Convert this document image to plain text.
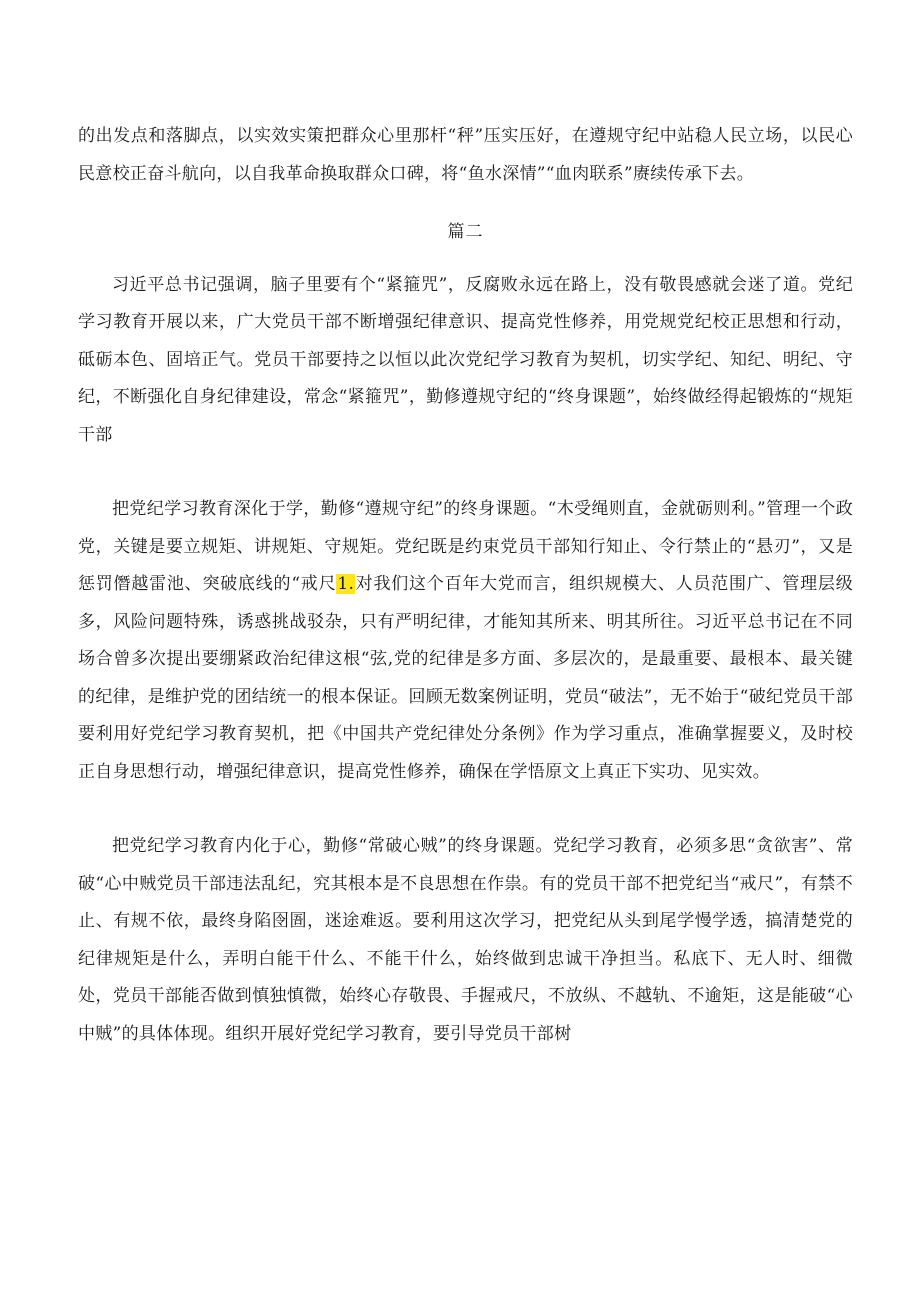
的出发点和落脚点，以实效实策把群众心里那杆“秤”压实压好，在遵规守纪中站稳人民立场，以民心民意校正奋斗航向，以自我革命换取群众口碑，将“鱼水深情”“血肉联系”赓续传承下去。

篇二

习近平总书记强调，脑子里要有个“紧箍咒”，反腐败永远在路上，没有敬畏感就会迷了道。党纪学习教育开展以来，广大党员干部不断增强纪律意识、提高党性修养，用党规党纪校正思想和行动，砥砺本色、固培正气。党员干部要持之以恒以此次党纪学习教育为契机，切实学纪、知纪、明纪、守纪，不断强化自身纪律建设，常念“紧箍咒”，勤修遵规守纪的“终身课题”，始终做经得起锻炼的“规矩干部

把党纪学习教育深化于学，勤修“遵规守纪”的终身课题。“木受绳则直，金就砺则利。”管理一个政党，关键是要立规矩、讲规矩、守规矩。党纪既是约束党员干部知行知止、令行禁止的“悬刃”，又是惩罚僭越雷池、突破底线的“戒尺1.对我们这个百年大党而言，组织规模大、人员范围广、管理层级多，风险问题特殊，诱惑挑战驳杂，只有严明纪律，才能知其所来、明其所往。习近平总书记在不同场合曾多次提出要绷紧政治纪律这根“弦,党的纪律是多方面、多层次的，是最重要、最根本、最关键的纪律，是维护党的团结统一的根本保证。回顾无数案例证明，党员“破法”，无不始于“破纪党员干部要利用好党纪学习教育契机，把《中国共产党纪律处分条例》作为学习重点，准确掌握要义，及时校正自身思想行动，增强纪律意识，提高党性修养，确保在学悟原文上真正下实功、见实效。

把党纪学习教育内化于心，勤修“常破心贼”的终身课题。党纪学习教育，必须多思“贪欲害”、常破“心中贼党员干部违法乱纪，究其根本是不良思想在作祟。有的党员干部不把党纪当“戒尺”，有禁不止、有规不依，最终身陷囹圄，迷途难返。要利用这次学习，把党纪从头到尾学慢学透，搞清楚党的纪律规矩是什么，弄明白能干什么、不能干什么，始终做到忠诚干净担当。私底下、无人时、细微处，党员干部能否做到慎独慎微，始终心存敬畏、手握戒尺，不放纵、不越轨、不逾矩，这是能破“心中贼”的具体体现。组织开展好党纪学习教育，要引导党员干部树
